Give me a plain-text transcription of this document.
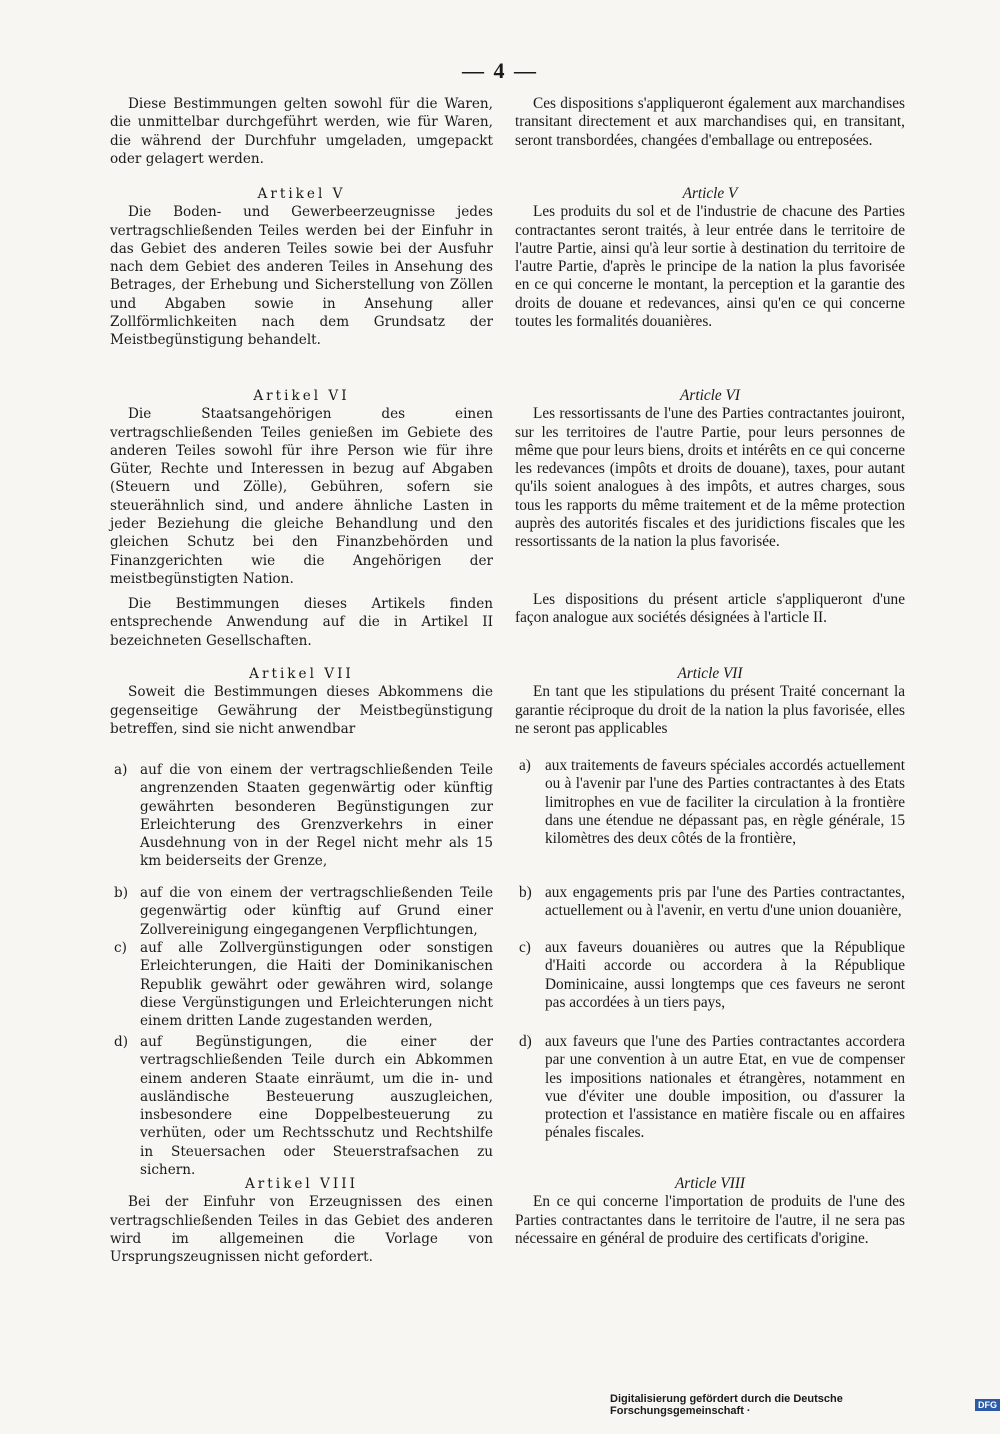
— 4 —

Diese Bestimmungen gelten sowohl für die Waren, die unmittelbar durchgeführt werden, wie für Waren, die während der Durchfuhr umgeladen, umgepackt oder gelagert werden.

Artikel V

Die Boden- und Gewerbeerzeugnisse jedes vertragschließenden Teiles werden bei der Einfuhr in das Gebiet des anderen Teiles sowie bei der Ausfuhr nach dem Gebiet des anderen Teiles in Ansehung des Betrages, der Erhebung und Sicherstellung von Zöllen und Abgaben sowie in Ansehung aller Zollförmlichkeiten nach dem Grundsatz der Meistbegünstigung behandelt.

Artikel VI

Die Staatsangehörigen des einen vertragschließenden Teiles genießen im Gebiete des anderen Teiles sowohl für ihre Person wie für ihre Güter, Rechte und Interessen in bezug auf Abgaben (Steuern und Zölle), Gebühren, sofern sie steuerähnlich sind, und andere ähnliche Lasten in jeder Beziehung die gleiche Behandlung und den gleichen Schutz bei den Finanzbehörden und Finanzgerichten wie die Angehörigen der meistbegünstigten Nation.

Die Bestimmungen dieses Artikels finden entsprechende Anwendung auf die in Artikel II bezeichneten Gesellschaften.

Artikel VII

Soweit die Bestimmungen dieses Abkommens die gegenseitige Gewährung der Meistbegünstigung betreffen, sind sie nicht anwendbar

a) auf die von einem der vertragschließenden Teile angrenzenden Staaten gegenwärtig oder künftig gewährten besonderen Begünstigungen zur Erleichterung des Grenzverkehrs in einer Ausdehnung von in der Regel nicht mehr als 15 km beiderseits der Grenze,
b) auf die von einem der vertragschließenden Teile gegenwärtig oder künftig auf Grund einer Zollvereinigung eingegangenen Verpflichtungen,
c) auf alle Zollvergünstigungen oder sonstigen Erleichterungen, die Haiti der Dominikanischen Republik gewährt oder gewähren wird, solange diese Vergünstigungen und Erleichterungen nicht einem dritten Lande zugestanden werden,
d) auf Begünstigungen, die einer der vertragschließenden Teile durch ein Abkommen einem anderen Staate einräumt, um die in- und ausländische Besteuerung auszugleichen, insbesondere eine Doppelbesteuerung zu verhüten, oder um Rechtsschutz und Rechtshilfe in Steuersachen oder Steuerstrafsachen zu sichern.
Artikel VIII

Bei der Einfuhr von Erzeugnissen des einen vertragschließenden Teiles in das Gebiet des anderen wird im allgemeinen die Vorlage von Ursprungszeugnissen nicht gefordert.

Ces dispositions s'appliqueront également aux marchandises transitant directement et aux marchandises qui, en transitant, seront transbordées, changées d'emballage ou entreposées.

Article V

Les produits du sol et de l'industrie de chacune des Parties contractantes seront traités, à leur entrée dans le territoire de l'autre Partie, ainsi qu'à leur sortie à destination du territoire de l'autre Partie, d'après le principe de la nation la plus favorisée en ce qui concerne le montant, la perception et la garantie des droits de douane et redevances, ainsi qu'en ce qui concerne toutes les formalités douanières.

Article VI

Les ressortissants de l'une des Parties contractantes jouiront, sur les territoires de l'autre Partie, pour leurs personnes de même que pour leurs biens, droits et intérêts en ce qui concerne les redevances (impôts et droits de douane), taxes, pour autant qu'ils soient analogues à des impôts, et autres charges, sous tous les rapports du même traitement et de la même protection auprès des autorités fiscales et des juridictions fiscales que les ressortissants de la nation la plus favorisée.

Les dispositions du présent article s'appliqueront d'une façon analogue aux sociétés désignées à l'article II.

Article VII

En tant que les stipulations du présent Traité concernant la garantie réciproque du droit de la nation la plus favorisée, elles ne seront pas applicables

a) aux traitements de faveurs spéciales accordés actuellement ou à l'avenir par l'une des Parties contractantes à des Etats limitrophes en vue de faciliter la circulation à la frontière dans une étendue ne dépassant pas, en règle générale, 15 kilomètres des deux côtés de la frontière,
b) aux engagements pris par l'une des Parties contractantes, actuellement ou à l'avenir, en vertu d'une union douanière,
c) aux faveurs douanières ou autres que la République d'Haiti accorde ou accordera à la République Dominicaine, aussi longtemps que ces faveurs ne seront pas accordées à un tiers pays,
d) aux faveurs que l'une des Parties contractantes accordera par une convention à un autre Etat, en vue de compenser les impositions nationales et étrangères, notamment en vue d'éviter une double imposition, ou d'assurer la protection et l'assistance en matière fiscale ou en affaires pénales fiscales.
Article VIII

En ce qui concerne l'importation de produits de l'une des Parties contractantes dans le territoire de l'autre, il ne sera pas nécessaire en général de produire des certificats d'origine.

Digitalisierung gefördert durch die Deutsche Forschungsgemeinschaft ·	DFG
